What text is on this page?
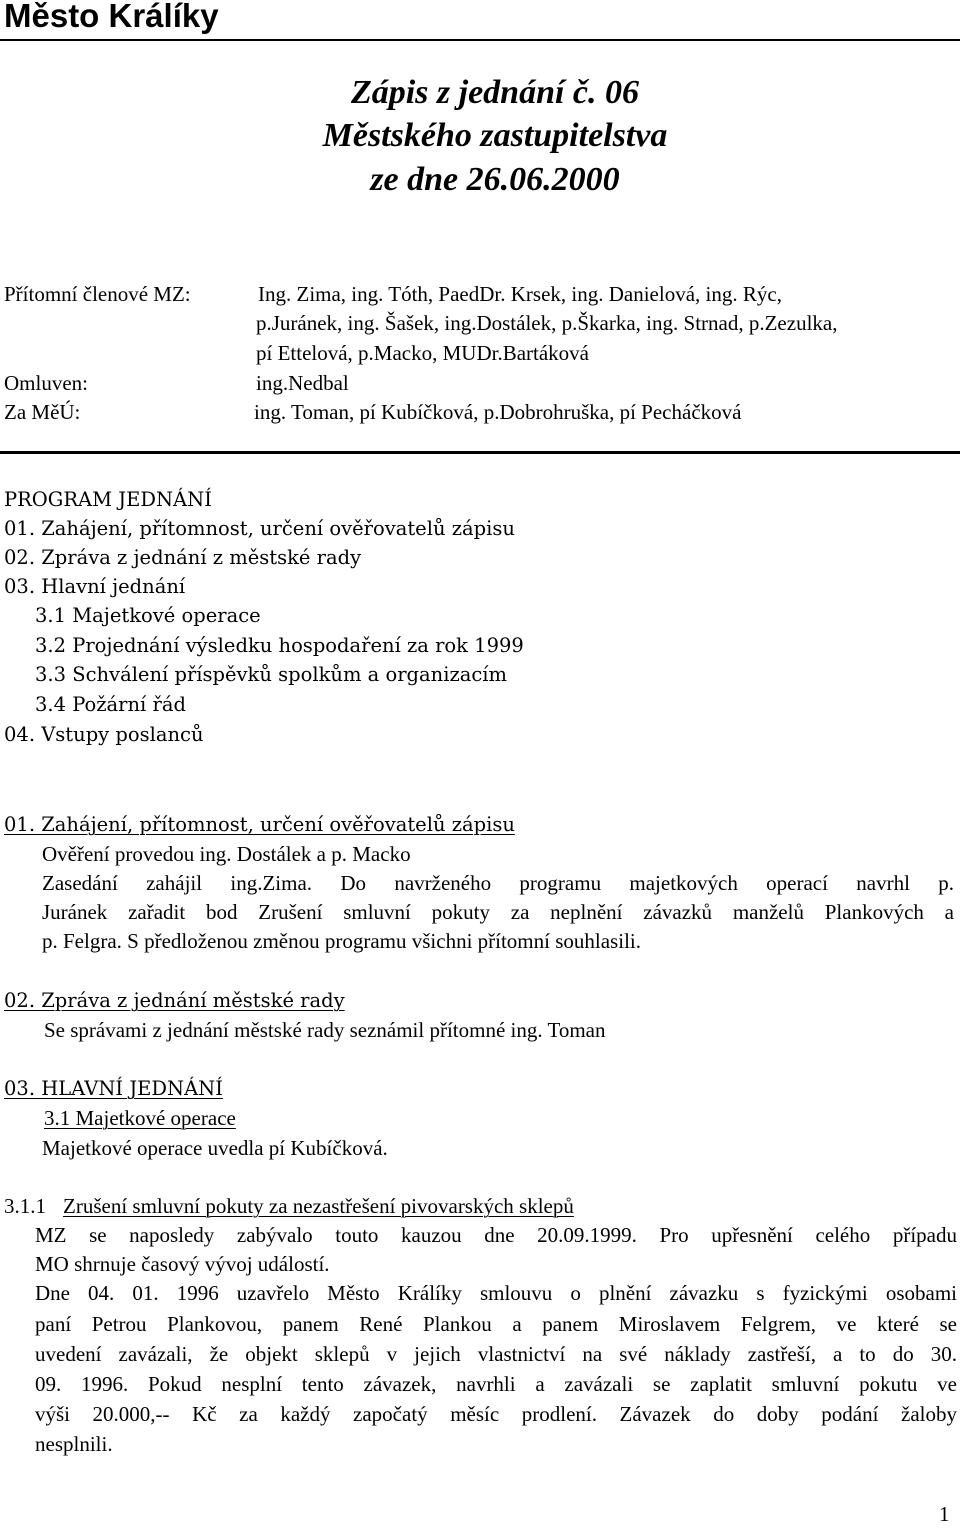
Město Králíky
Zápis z jednání č. 06
Městského zastupitelstva
ze dne 26.06.2000
Přítomní členové MZ:	Ing. Zima, ing. Tóth, PaedDr. Krsek, ing. Danielová, ing. Rýc,
p.Juránek, ing. Šašek, ing.Dostálek, p.Škarka, ing. Strnad, p.Zezulka,
pí Ettelová, p.Macko, MUDr.Bartáková
Omluven:	ing.Nedbal
Za MěÚ:	ing. Toman, pí Kubíčková, p.Dobrohruška, pí Pecháčková
PROGRAM JEDNÁNÍ
01. Zahájení, přítomnost, určení ověřovatelů zápisu
02. Zpráva z jednání z městské rady
03. Hlavní jednání
3.1 Majetkové operace
3.2 Projednání výsledku hospodaření za rok 1999
3.3 Schválení příspěvků spolkům a organizacím
3.4 Požární řád
04. Vstupy poslanců
01. Zahájení, přítomnost, určení ověřovatelů zápisu
Ověření provedou ing. Dostálek a p. Macko
Zasedání zahájil ing.Zima. Do navrženého programu majetkových operací navrhl p.
Juránek zařadit bod Zrušení smluvní pokuty za neplnění závazků manželů Plankových a
p. Felgra. S předloženou změnou programu všichni přítomní souhlasili.
02. Zpráva z jednání městské rady
Se správami z jednání městské rady seznámil přítomné ing. Toman
03. HLAVNÍ JEDNÁNÍ
3.1 Majetkové operace
Majetkové operace uvedla pí Kubíčková.
3.1.1 Zrušení smluvní pokuty za nezastřešení pivovarských sklepů
MZ se naposledy zabývalo touto kauzou dne 20.09.1999. Pro upřesnění celého případu
MO shrnuje časový vývoj událostí.
Dne 04. 01. 1996 uzavřelo Město Králíky smlouvu o plnění závazku s fyzickými osobami
paní Petrou Plankovou, panem René Plankou a panem Miroslavem Felgrem, ve které se
uvedení zavázali, že objekt sklepů v jejich vlastnictví na své náklady zastřeší, a to do 30.
09. 1996. Pokud nesplní tento závazek, navrhli a zavázali se zaplatit smluvní pokutu ve
výši 20.000,-- Kč za každý započatý měsíc prodlení. Závazek do doby podání žaloby
nesplnili.
1
